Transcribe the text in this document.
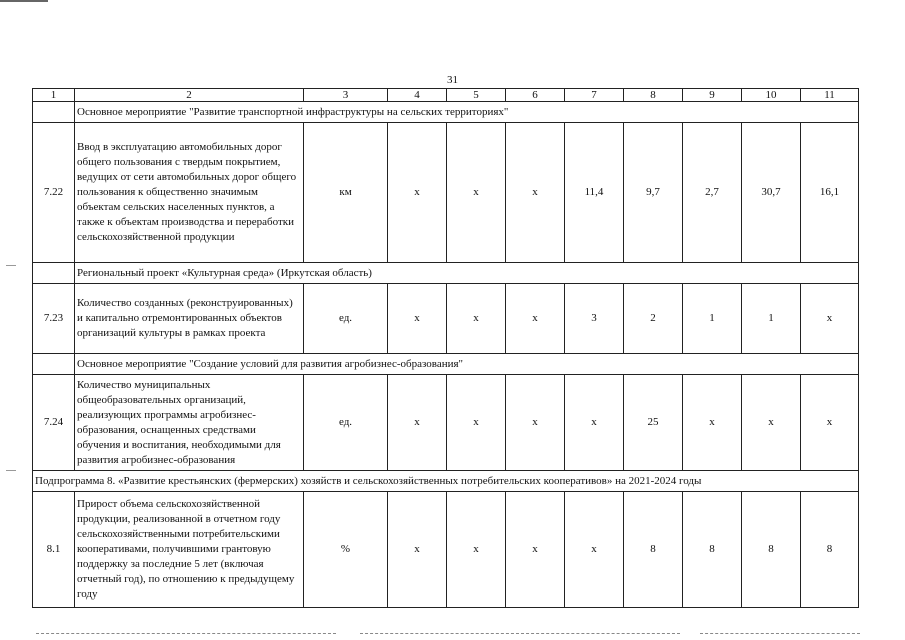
31
1	2	3	4	5	6	7	8	9	10	11
	Основное мероприятие "Развитие транспортной инфраструктуры на сельских территориях"									
7.22	Ввод в эксплуатацию автомобильных дорог общего пользования с твердым покрытием, ведущих от сети автомобильных дорог общего пользования к общественно значимым объектам сельских населенных пунктов, а также к объектам производства и переработки сельскохозяйственной продукции	км	х	х	х	11,4	9,7	2,7	30,7	16,1
	Региональный проект «Культурная среда» (Иркутская область)									
7.23	Количество созданных (реконструированных) и капитально отремонтированных объектов организаций культуры в рамках проекта	ед.	х	х	х	3	2	1	1	х
	Основное мероприятие "Создание условий для развития агробизнес-образования"									
7.24	Количество муниципальных общеобразовательных организаций, реализующих программы агробизнес-образования, оснащенных средствами обучения и воспитания, необходимыми для развития агробизнес-образования	ед.	х	х	х	х	25	х	х	х
Подпрограмма 8. «Развитие крестьянских (фермерских) хозяйств и сельскохозяйственных потребительских кооперативов» на 2021-2024 годы										
8.1	Прирост объема сельскохозяйственной продукции, реализованной в отчетном году сельскохозяйственными потребительскими кооперативами, получившими грантовую поддержку за последние 5 лет (включая отчетный год), по отношению к предыдущему году	%	х	х	х	х	8	8	8	8
